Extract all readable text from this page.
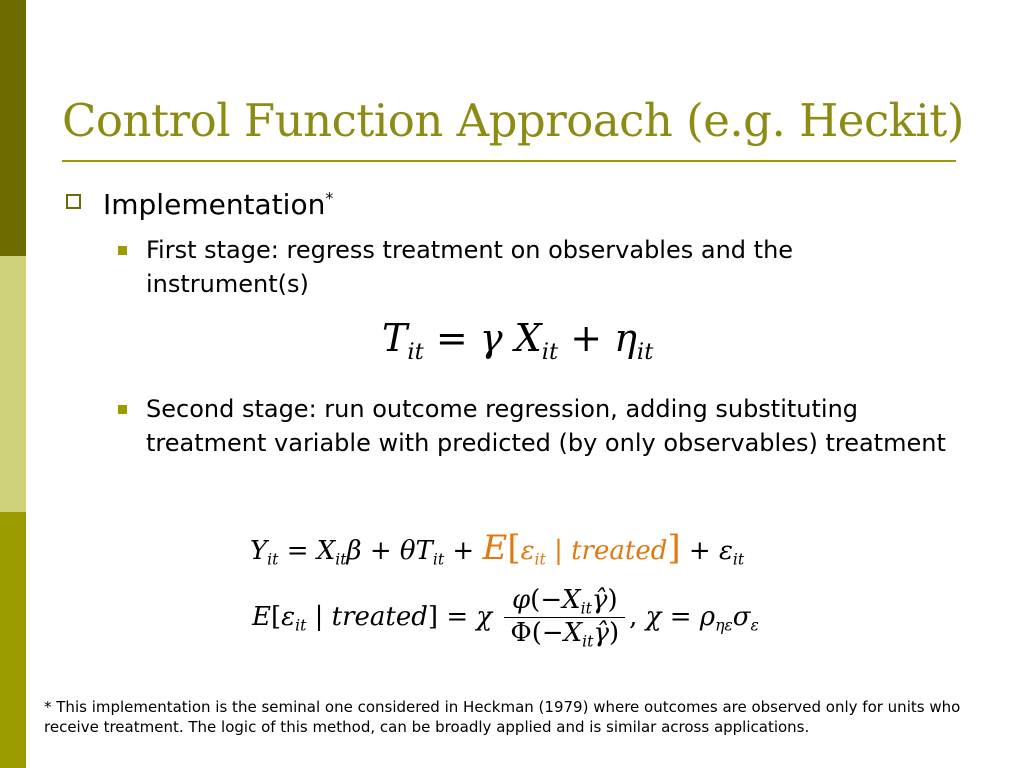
Control Function Approach (e.g. Heckit)
Implementation*
First stage: regress treatment on observables and the instrument(s)
$T_{it} = \gamma$ $X_{it} + \eta_{it}$
Second stage: run outcome regression, adding substituting treatment variable with predicted (by only observables) treatment
$Y_{it} = X_{it}\beta + \theta T_{it} + E[\varepsilon_{it}$ | treated] + $\varepsilon_{it}$
$E[\varepsilon_{it}$ | treated] = χ $\frac{\varphi(-X_{it}\gammâ)}{\Phi(-X_{it}\gammâ)}$ , $\chi = \rho_{\eta\varepsilon}\sigma_\varepsilon$
* This implementation is the seminal one considered in Heckman (1979) where outcomes are observed only for units who receive treatment. The logic of this method, can be broadly applied and is similar across applications.
